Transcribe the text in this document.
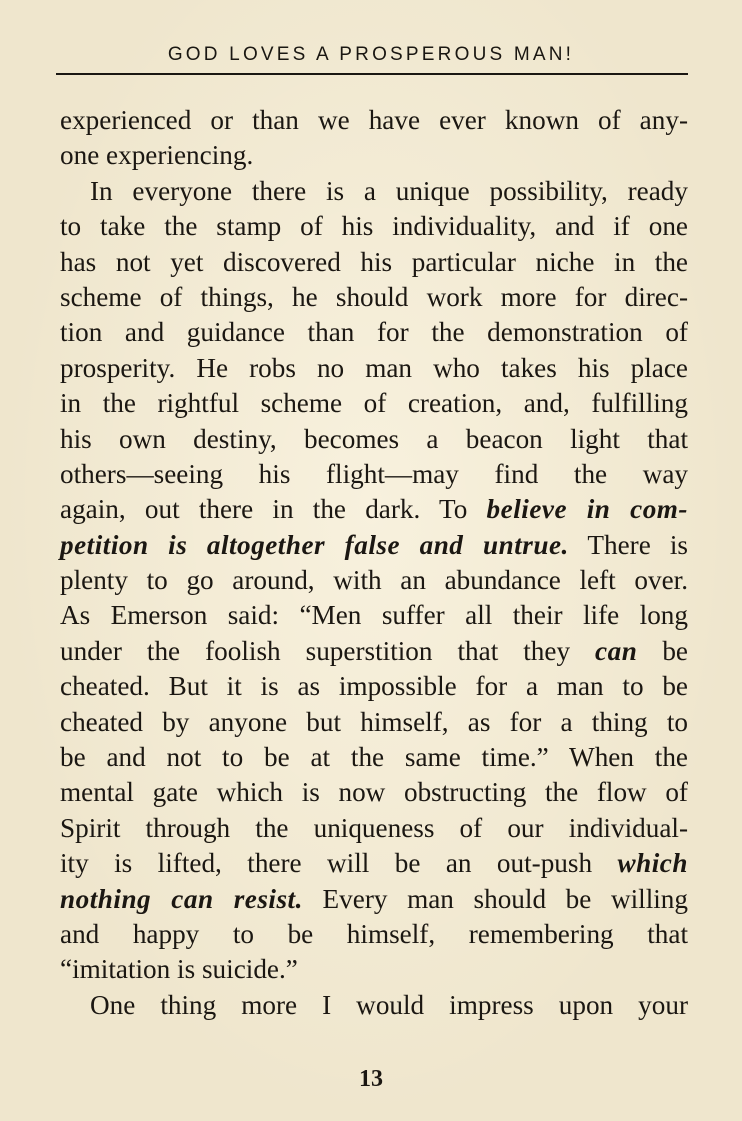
GOD LOVES A PROSPEROUS MAN!
experienced or than we have ever known of any-
one experiencing.
In everyone there is a unique possibility, ready
to take the stamp of his individuality, and if one
has not yet discovered his particular niche in the
scheme of things, he should work more for direc-
tion and guidance than for the demonstration of
prosperity. He robs no man who takes his place
in the rightful scheme of creation, and, fulfilling
his own destiny, becomes a beacon light that
others—seeing his flight—may find the way
again, out there in the dark. To believe in com-
petition is altogether false and untrue. There is
plenty to go around, with an abundance left over.
As Emerson said: “Men suffer all their life long
under the foolish superstition that they can be
cheated. But it is as impossible for a man to be
cheated by anyone but himself, as for a thing to
be and not to be at the same time.” When the
mental gate which is now obstructing the flow of
Spirit through the uniqueness of our individual-
ity is lifted, there will be an out-push which
nothing can resist. Every man should be willing
and happy to be himself, remembering that
“imitation is suicide.”
One thing more I would impress upon your
13
